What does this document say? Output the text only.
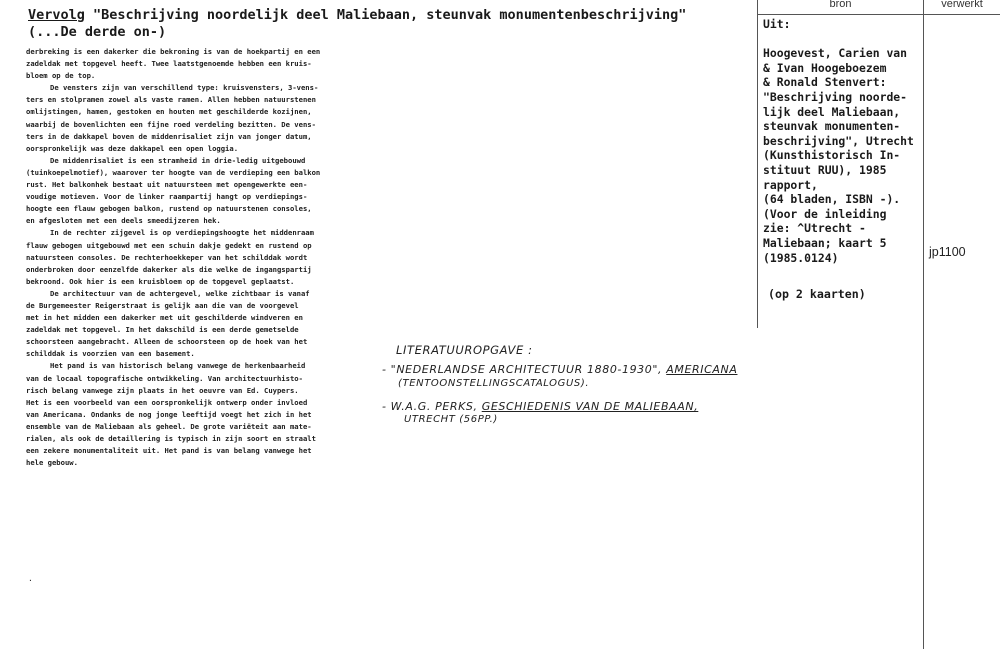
Vervolg "Beschrijving noordelijk deel Maliebaan, steunvak monumentenbeschrijving"
(...De derde on-)
derbreking is een dakerker die bekroning is van de hoekpartij en een
zadeldak met topgevel heeft. Twee laatstgenoemde hebben een kruis-
bloem op de top.
De vensters zijn van verschillend type: kruisvensters, 3-vens-
ters en stolpramen zowel als vaste ramen. Allen hebben natuurstenen
omlijstingen, hamen, gestoken en houten met geschilderde kozijnen,
waarbij de bovenlichten een fijne roed verdeling bezitten. De vens-
ters in de dakkapel boven de middenrisaliet zijn van jonger datum,
oorspronkelijk was deze dakkapel een open loggia.
De middenrisaliet is een stramheid in drie-ledig uitgebouwd
(tuinkoepelmotief), waarover ter hoogte van de verdieping een balkon
rust. Het balkonhek bestaat uit natuursteen met opengewerkte een-
voudige motieven. Voor de linker raampartij hangt op verdiepings-
hoogte een flauw gebogen balkon, rustend op natuurstenen consoles,
en afgesloten met een deels smeedijzeren hek.
In de rechter zijgevel is op verdiepingshoogte het middenraam
flauw gebogen uitgebouwd met een schuin dakje gedekt en rustend op
natuursteen consoles. De rechterhoekkeper van het schilddak wordt
onderbroken door eenzelfde dakerker als die welke de ingangspartij
bekroond. Ook hier is een kruisbloem op de topgevel geplaatst.
De architectuur van de achtergevel, welke zichtbaar is vanaf
de Burgemeester Reigerstraat is gelijk aan die van de voorgevel
met in het midden een dakerker met uit geschilderde windveren en
zadeldak met topgevel. In het dakschild is een derde gemetselde
schoorsteen aangebracht. Alleen de schoorsteen op de hoek van het
schilddak is voorzien van een basement.
Het pand is van historisch belang vanwege de herkenbaarheid
van de locaal topografische ontwikkeling. Van architectuurhisto-
risch belang vanwege zijn plaats in het oeuvre van Ed. Cuypers.
Het is een voorbeeld van een oorspronkelijk ontwerp onder invloed
van Americana. Ondanks de nog jonge leeftijd voegt het zich in het
ensemble van de Maliebaan als geheel. De grote variëteit aan mate-
rialen, als ook de detaillering is typisch in zijn soort en straalt
een zekere monumentaliteit uit. Het pand is van belang vanwege het
hele gebouw.
·
bron	verwerkt
Uit:

Hoogevest, Carien van
& Ivan Hoogeboezem
& Ronald Stenvert:
"Beschrijving noorde-
lijk deel Maliebaan,
steunvak monumenten-
beschrijving", Utrecht
(Kunsthistorisch In-
stituut RUU), 1985
rapport,
(64 bladen, ISBN -).
(Voor de inleiding
zie: ^Utrecht -
Maliebaan; kaart 5
(1985.0124)
(op 2 kaarten)
jp1100
LITERATUUROPGAVE :
- "NEDERLANDSE ARCHITECTUUR 1880-1930", AMERICANA
(TENTOONSTELLINGSCATALOGUS).
- W.A.G. PERKS, GESCHIEDENIS VAN DE MALIEBAAN,
UTRECHT (56PP.)
